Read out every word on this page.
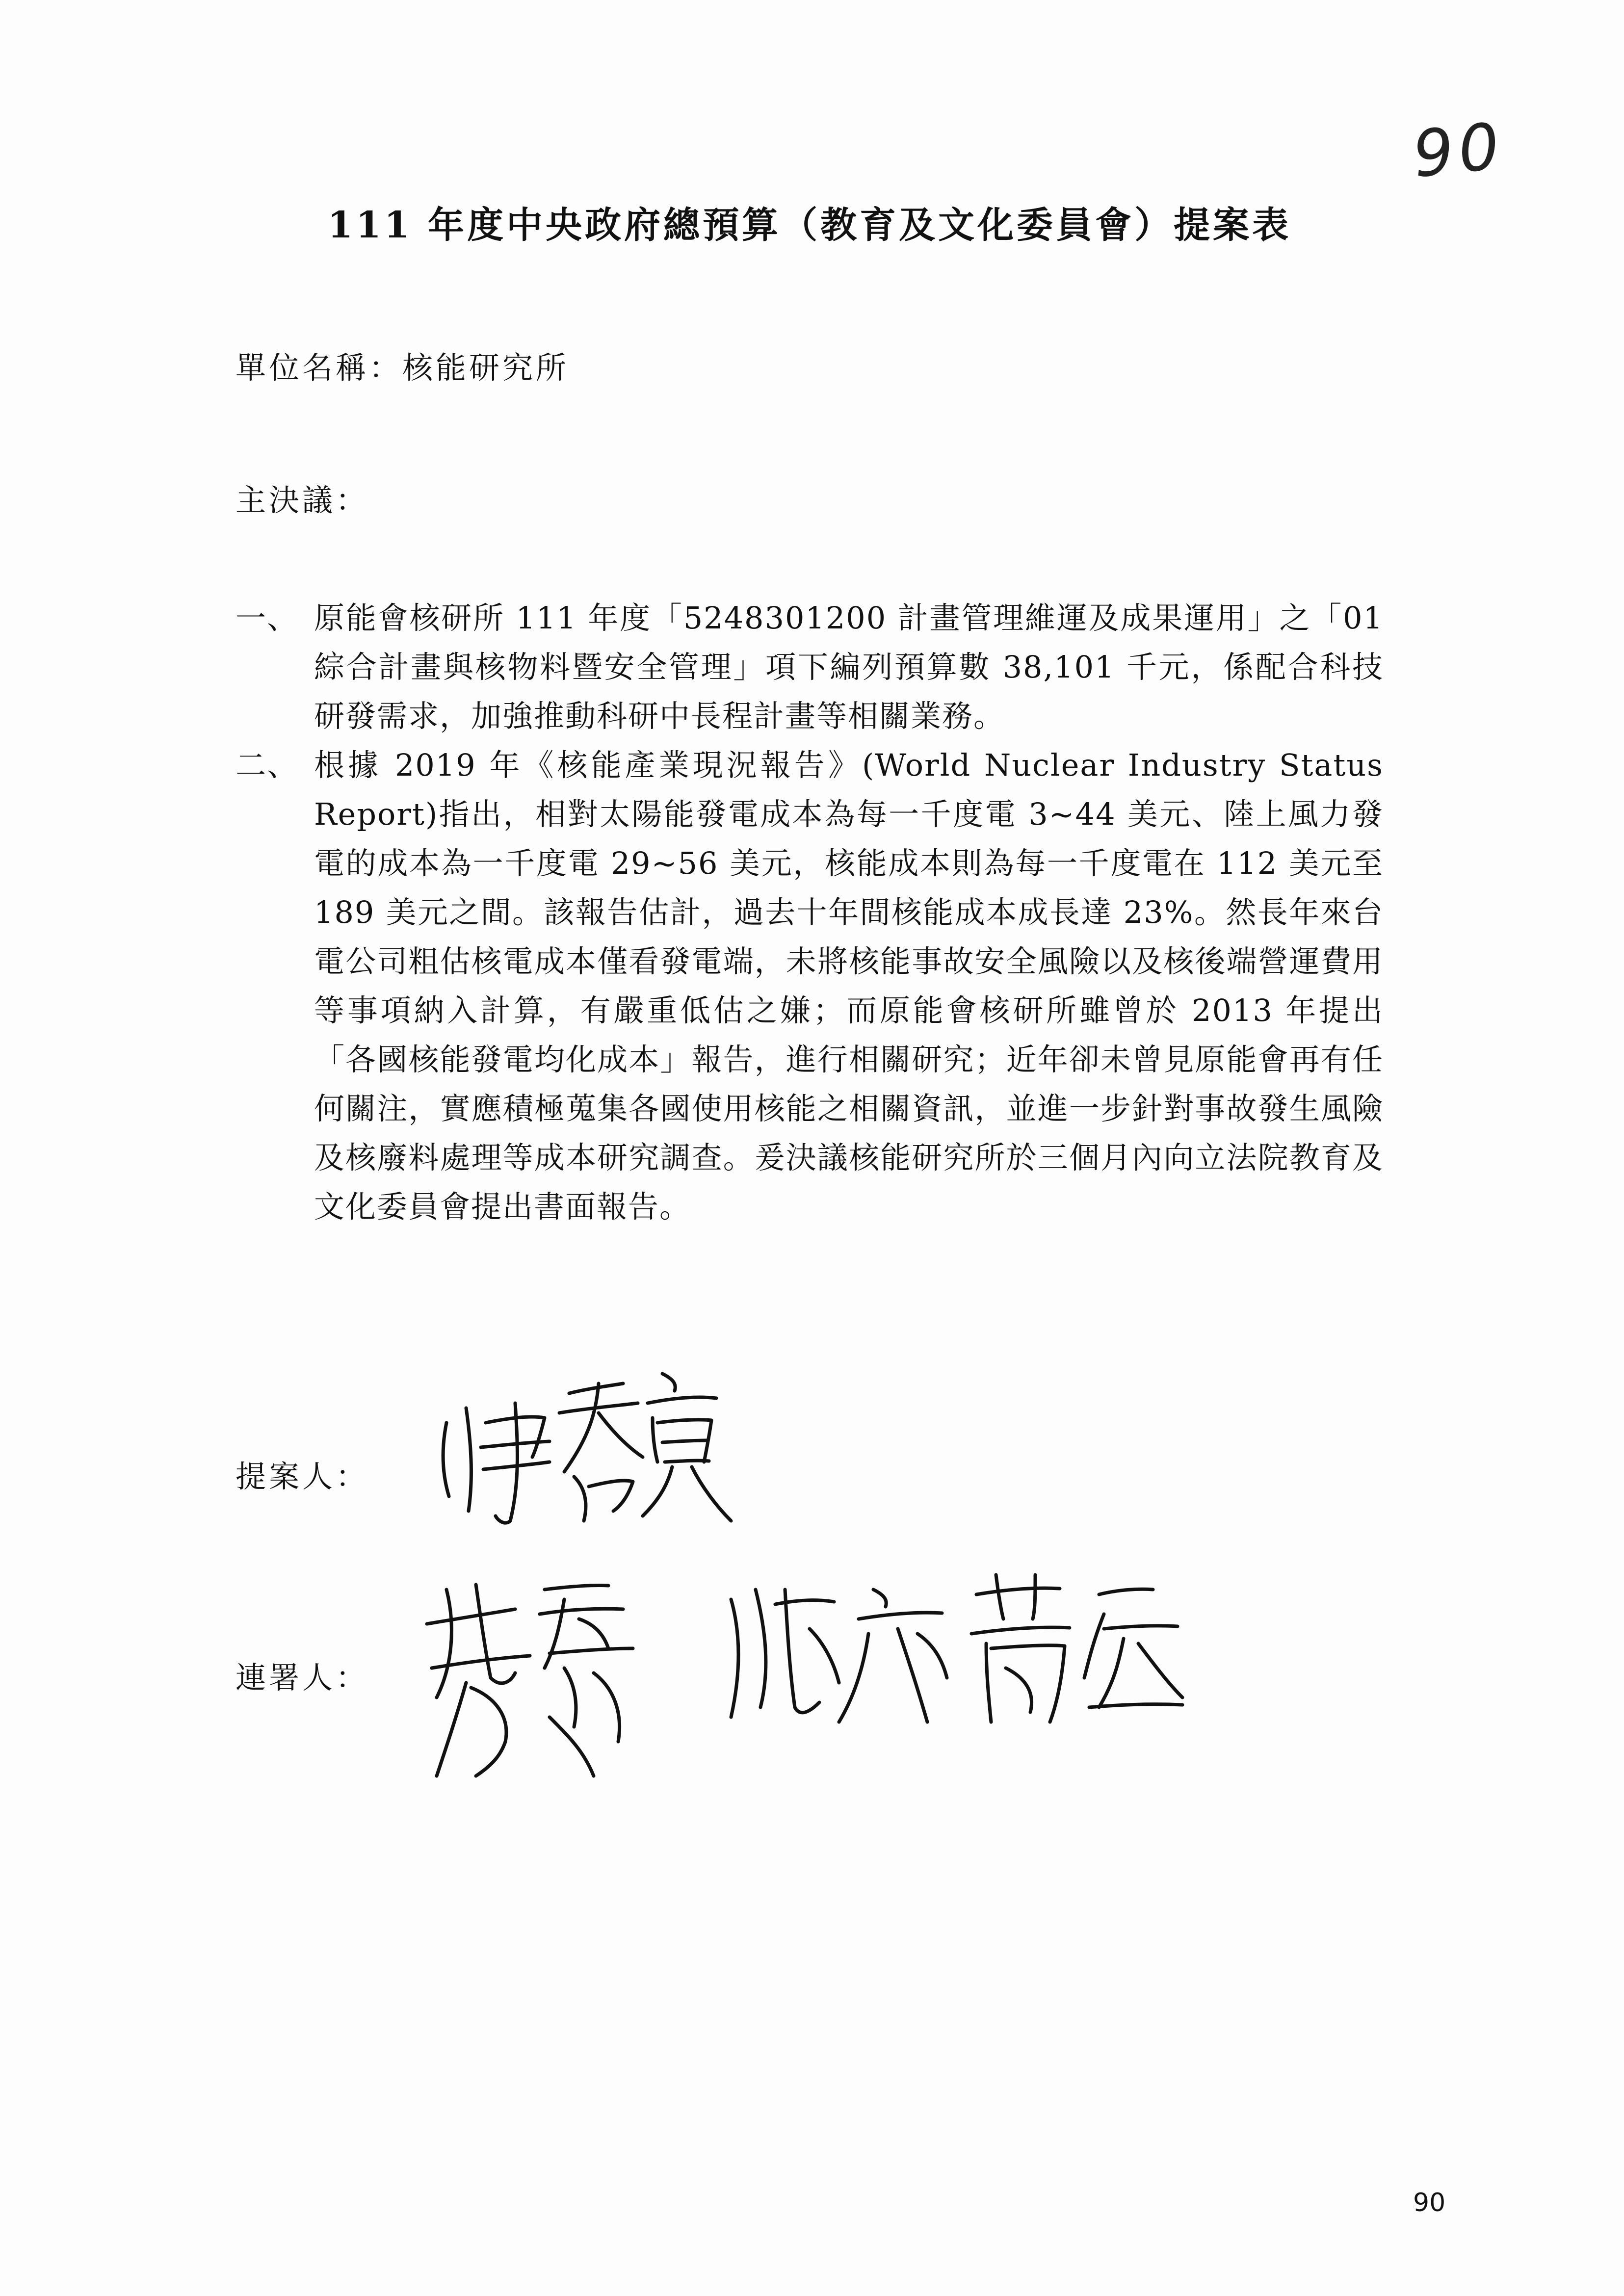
90
111 年度中央政府總預算（教育及文化委員會）提案表
單位名稱：核能研究所
主決議：
一、 原能會核研所 111 年度「5248301200 計畫管理維運及成果運用」之「01 綜合計畫與核物料暨安全管理」項下編列預算數 38,101 千元，係配合科技研發需求，加強推動科研中長程計畫等相關業務。
二、 根據 2019 年《核能產業現況報告》(World Nuclear Industry Status Report)指出，相對太陽能發電成本為每一千度電 3~44 美元、陸上風力發電的成本為一千度電 29~56 美元，核能成本則為每一千度電在 112 美元至 189 美元之間。該報告估計，過去十年間核能成本成長達 23%。然長年來台電公司粗估核電成本僅看發電端，未將核能事故安全風險以及核後端營運費用等事項納入計算，有嚴重低估之嫌；而原能會核研所雖曾於 2013 年提出「各國核能發電均化成本」報告，進行相關研究；近年卻未曾見原能會再有任何關注，實應積極蒐集各國使用核能之相關資訊，並進一步針對事故發生風險及核廢料處理等成本研究調查。爰決議核能研究所於三個月內向立法院教育及文化委員會提出書面報告。
提案人：
連署人：
90
